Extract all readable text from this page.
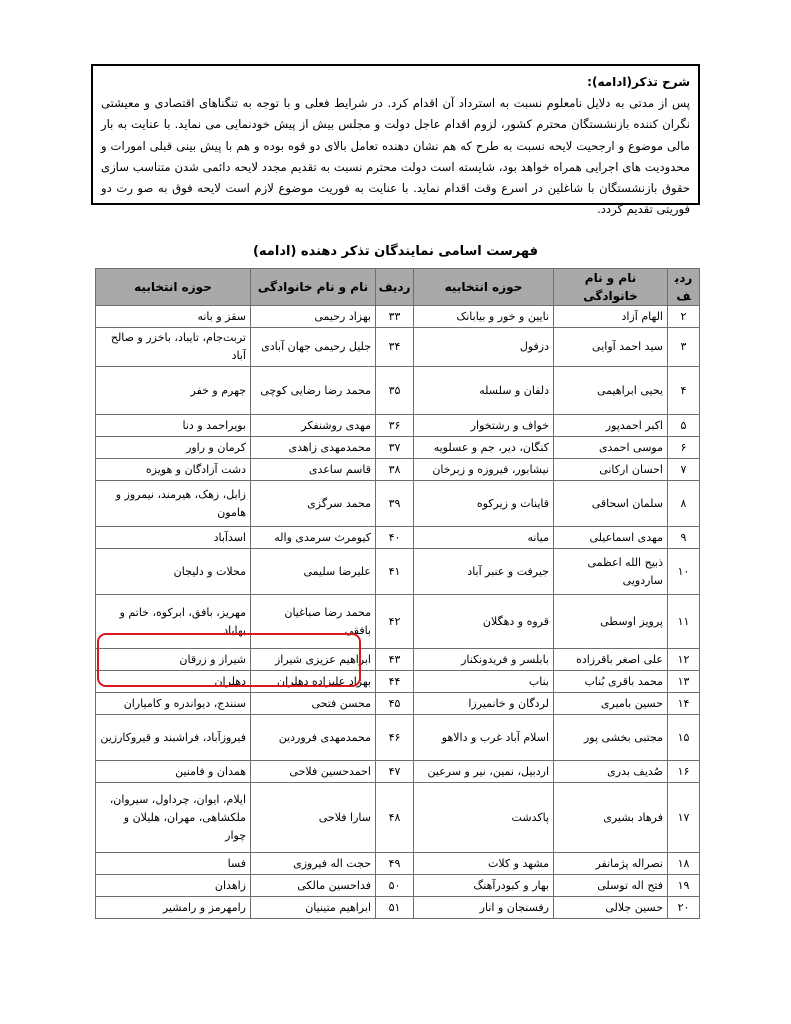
شرح تذکر(ادامه):

پس از مدتی به دلایل نامعلوم نسبت به استرداد آن اقدام کرد. در شرایط فعلی و با توجه به تنگناهای اقتصادی و معیشتی نگران کننده بازنشستگان محترم کشور، لزوم اقدام عاجل دولت و مجلس بیش از پیش خودنمایی می نماید. با عنایت به بار مالی موضوع و ارجحیت لایحه نسبت به طرح که هم نشان دهنده تعامل بالای دو قوه بوده و هم با پیش بینی قبلی امورات و محدودیت های اجرایی همراه خواهد بود، شایسته است دولت محترم نسبت به تقدیم مجدد لایحه دائمی شدن متناسب سازی حقوق بازنشستگان با شاغلین در اسرع وقت اقدام نماید. با عنایت به فوریت موضوع لازم است لایحه فوق به صو رت دو فوریتی تقدیم گردد.

فهرست اسامی نمایندگان تذکر دهنده (ادامه)

ردیف	نام و نام خانوادگی	حوزه انتخابیه	ردیف	نام و نام خانوادگی	حوزه انتخابیه
۲	الهام آزاد	نایین و خور و بیابانک	۳۳	بهزاد رحیمی	سقز و بانه
۳	سید احمد آوایی	دزفول	۳۴	جلیل رحیمی جهان آبادی	تربت‌جام، تایباد، باخزر و صالح آباد
۴	یحیی ابراهیمی	دلفان و سلسله	۳۵	محمد رضا رضایی کوچی	جهرم و خفر
۵	اکبر احمدپور	خواف و رشتخوار	۳۶	مهدی روشنفکر	بویراحمد و دنا
۶	موسی احمدی	کنگان، دیر، جم و عسلویه	۳۷	محمدمهدی زاهدی	کرمان و راور
۷	احسان ارکانی	نیشابور، فیروزه و زبرخان	۳۸	قاسم ساعدی	دشت آزادگان و هویزه
۸	سلمان اسحاقی	قاینات و زیرکوه	۳۹	محمد سرگزی	زابل، زهک، هیرمند، نیمروز و هامون
۹	مهدی اسماعیلی	میانه	۴۰	کیومرث سرمدی واله	اسدآباد
۱۰	ذبیح الله اعظمی ساردویی	جیرفت و عنبر آباد	۴۱	علیرضا سلیمی	محلات و دلیجان
۱۱	پرویز اوسطی	قروه و دهگلان	۴۲	محمد رضا صباغیان بافقی	مهریز، بافق، ابرکوه، خاتم و بهاباد
۱۲	علی اصغر باقرزاده	بابلسر و فریدونکنار	۴۳	ابراهیم عزیزی شیراز	شیراز و زرقان
۱۳	محمد باقری بُناب	بناب	۴۴	بهزاد علیزاده دهلران	دهلران
۱۴	حسین بامیری	لردگان و خانمیرزا	۴۵	محسن فتحی	سنندج، دیواندره و کامیاران
۱۵	مجتبی بخشی پور	اسلام آباد غرب و دالاهو	۴۶	محمدمهدی فروردین	فیروزآباد، فراشبند و قیروکارزین
۱۶	صُدیف بدری	اردبیل، نمین، نیر و سرعین	۴۷	احمدحسین فلاحی	همدان و فامنین
۱۷	فرهاد بشیری	پاکدشت	۴۸	سارا فلاحی	ایلام، ایوان، چرداول، سیروان، ملکشاهی، مهران، هلیلان و چوار
۱۸	نصراله پژمانفر	مشهد و کلات	۴۹	حجت اله فیروزی	فسا
۱۹	فتح اله توسلی	بهار و کبودرآهنگ	۵۰	فداحسین مالکی	زاهدان
۲۰	حسین جلالی	رفسنجان و انار	۵۱	ابراهیم متینیان	رامهرمز و رامشیر
